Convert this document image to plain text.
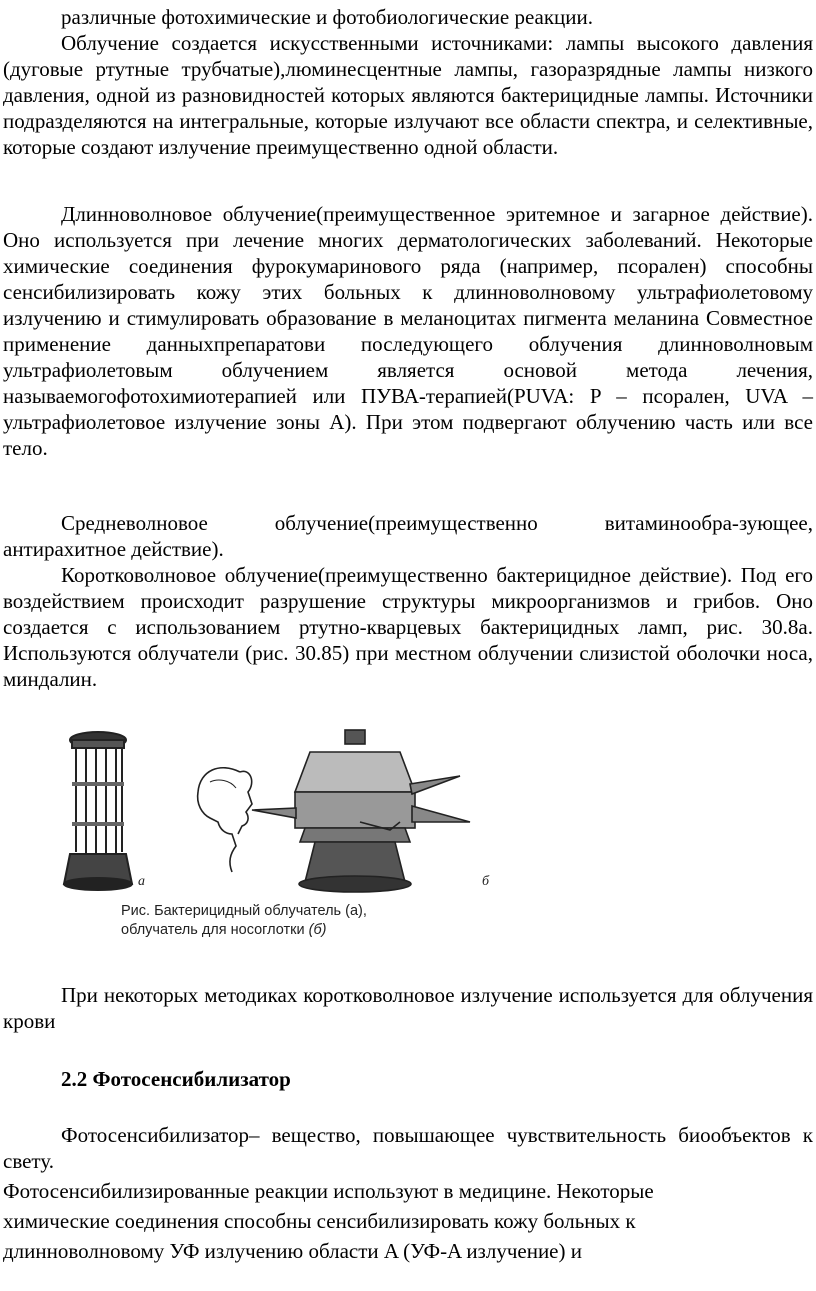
различные фотохимические и фотобиологические реакции.

Облучение создается искусственными источниками: лампы высокого давления (дуговые ртутные трубчатые),люминесцентные лампы, газоразрядные лампы низкого давления, одной из разновидностей которых являются бактерицидные лампы. Источники подразделяются на интегральные, которые излучают все области спектра, и селективные, которые создают излучение преимущественно одной области.

Длинноволновое облучение(преимущественное эритемное и загарное действие). Оно используется при лечение многих дерматологических заболеваний. Некоторые химические соединения фурокумаринового ряда (например, псорален) способны сенсибилизировать кожу этих больных к длинноволновому ультрафиолетовому излучению и стимулировать образование в меланоцитах пигмента меланина Совместное применение данныхпрепаратови последующего облучения длинноволновым ультрафиолетовым облучением является основой метода лечения, называемогофотохимиотерапией или ПУВА-терапией(PUVA: P – псорален, UVA – ультрафиолетовое излучение зоны A). При этом подвергают облучению часть или все тело.

Средневолновое облучение(преимущественно витаминообра-зующее, антирахитное действие).

Коротковолновое облучение(преимущественно бактерицидное действие). Под его воздействием происходит разрушение структуры микроорганизмов и грибов. Оно создается с использованием ртутно-кварцевых бактерицидных ламп, рис. 30.8а. Используются облучатели (рис. 30.85) при местном облучении слизистой оболочки носа, миндалин.

а	б
Рис. Бактерицидный облучатель (а),
облучатель для носоглотки (б)

При некоторых методиках коротковолновое излучение используется для облучения крови

2.2 Фотосенсибилизатор

Фотосенсибилизатор– вещество, повышающее чувствительность биообъектов к свету.

Фотосенсибилизированные реакции используют в медицине. Некоторые химические соединения способны сенсибилизировать кожу больных к длинноволновому УФ излучению области A (УФ-A излучение) и
